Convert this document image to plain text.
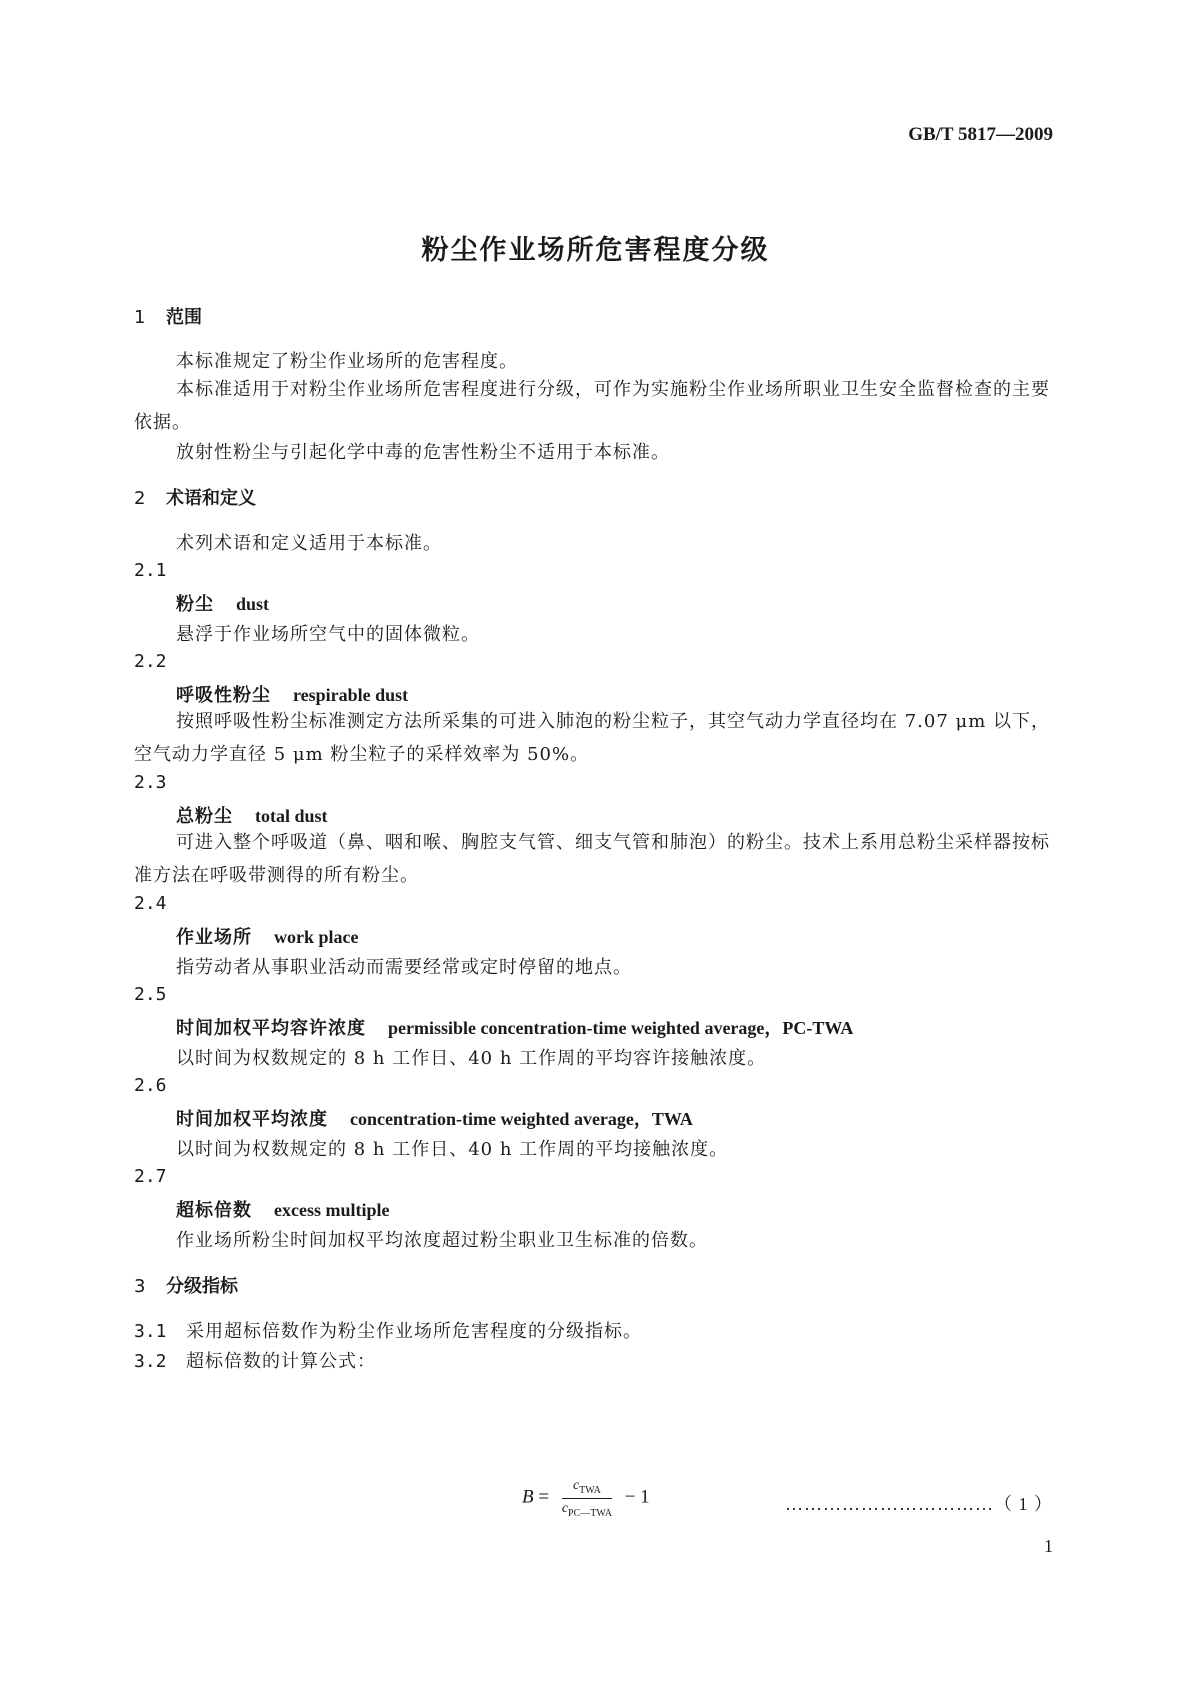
GB/T 5817—2009
粉尘作业场所危害程度分级
1 范围
本标准规定了粉尘作业场所的危害程度。
本标准适用于对粉尘作业场所危害程度进行分级，可作为实施粉尘作业场所职业卫生安全监督检查的主要依据。
放射性粉尘与引起化学中毒的危害性粉尘不适用于本标准。
2 术语和定义
术列术语和定义适用于本标准。
2.1
粉尘 dust
悬浮于作业场所空气中的固体微粒。
2.2
呼吸性粉尘 respirable dust
按照呼吸性粉尘标准测定方法所采集的可进入肺泡的粉尘粒子，其空气动力学直径均在 7.07 μm 以下，空气动力学直径 5 μm 粉尘粒子的采样效率为 50%。
2.3
总粉尘 total dust
可进入整个呼吸道（鼻、咽和喉、胸腔支气管、细支气管和肺泡）的粉尘。技术上系用总粉尘采样器按标准方法在呼吸带测得的所有粉尘。
2.4
作业场所 work place
指劳动者从事职业活动而需要经常或定时停留的地点。
2.5
时间加权平均容许浓度 permissible concentration-time weighted average，PC-TWA
以时间为权数规定的 8 h 工作日、40 h 工作周的平均容许接触浓度。
2.6
时间加权平均浓度 concentration-time weighted average，TWA
以时间为权数规定的 8 h 工作日、40 h 工作周的平均接触浓度。
2.7
超标倍数 excess multiple
作业场所粉尘时间加权平均浓度超过粉尘职业卫生标准的倍数。
3 分级指标
3.1 采用超标倍数作为粉尘作业场所危害程度的分级指标。
3.2 超标倍数的计算公式：
$B = \frac{c_{TWA}}{c_{PC—TWA}} - 1$	……………………………（ 1 ）
1
